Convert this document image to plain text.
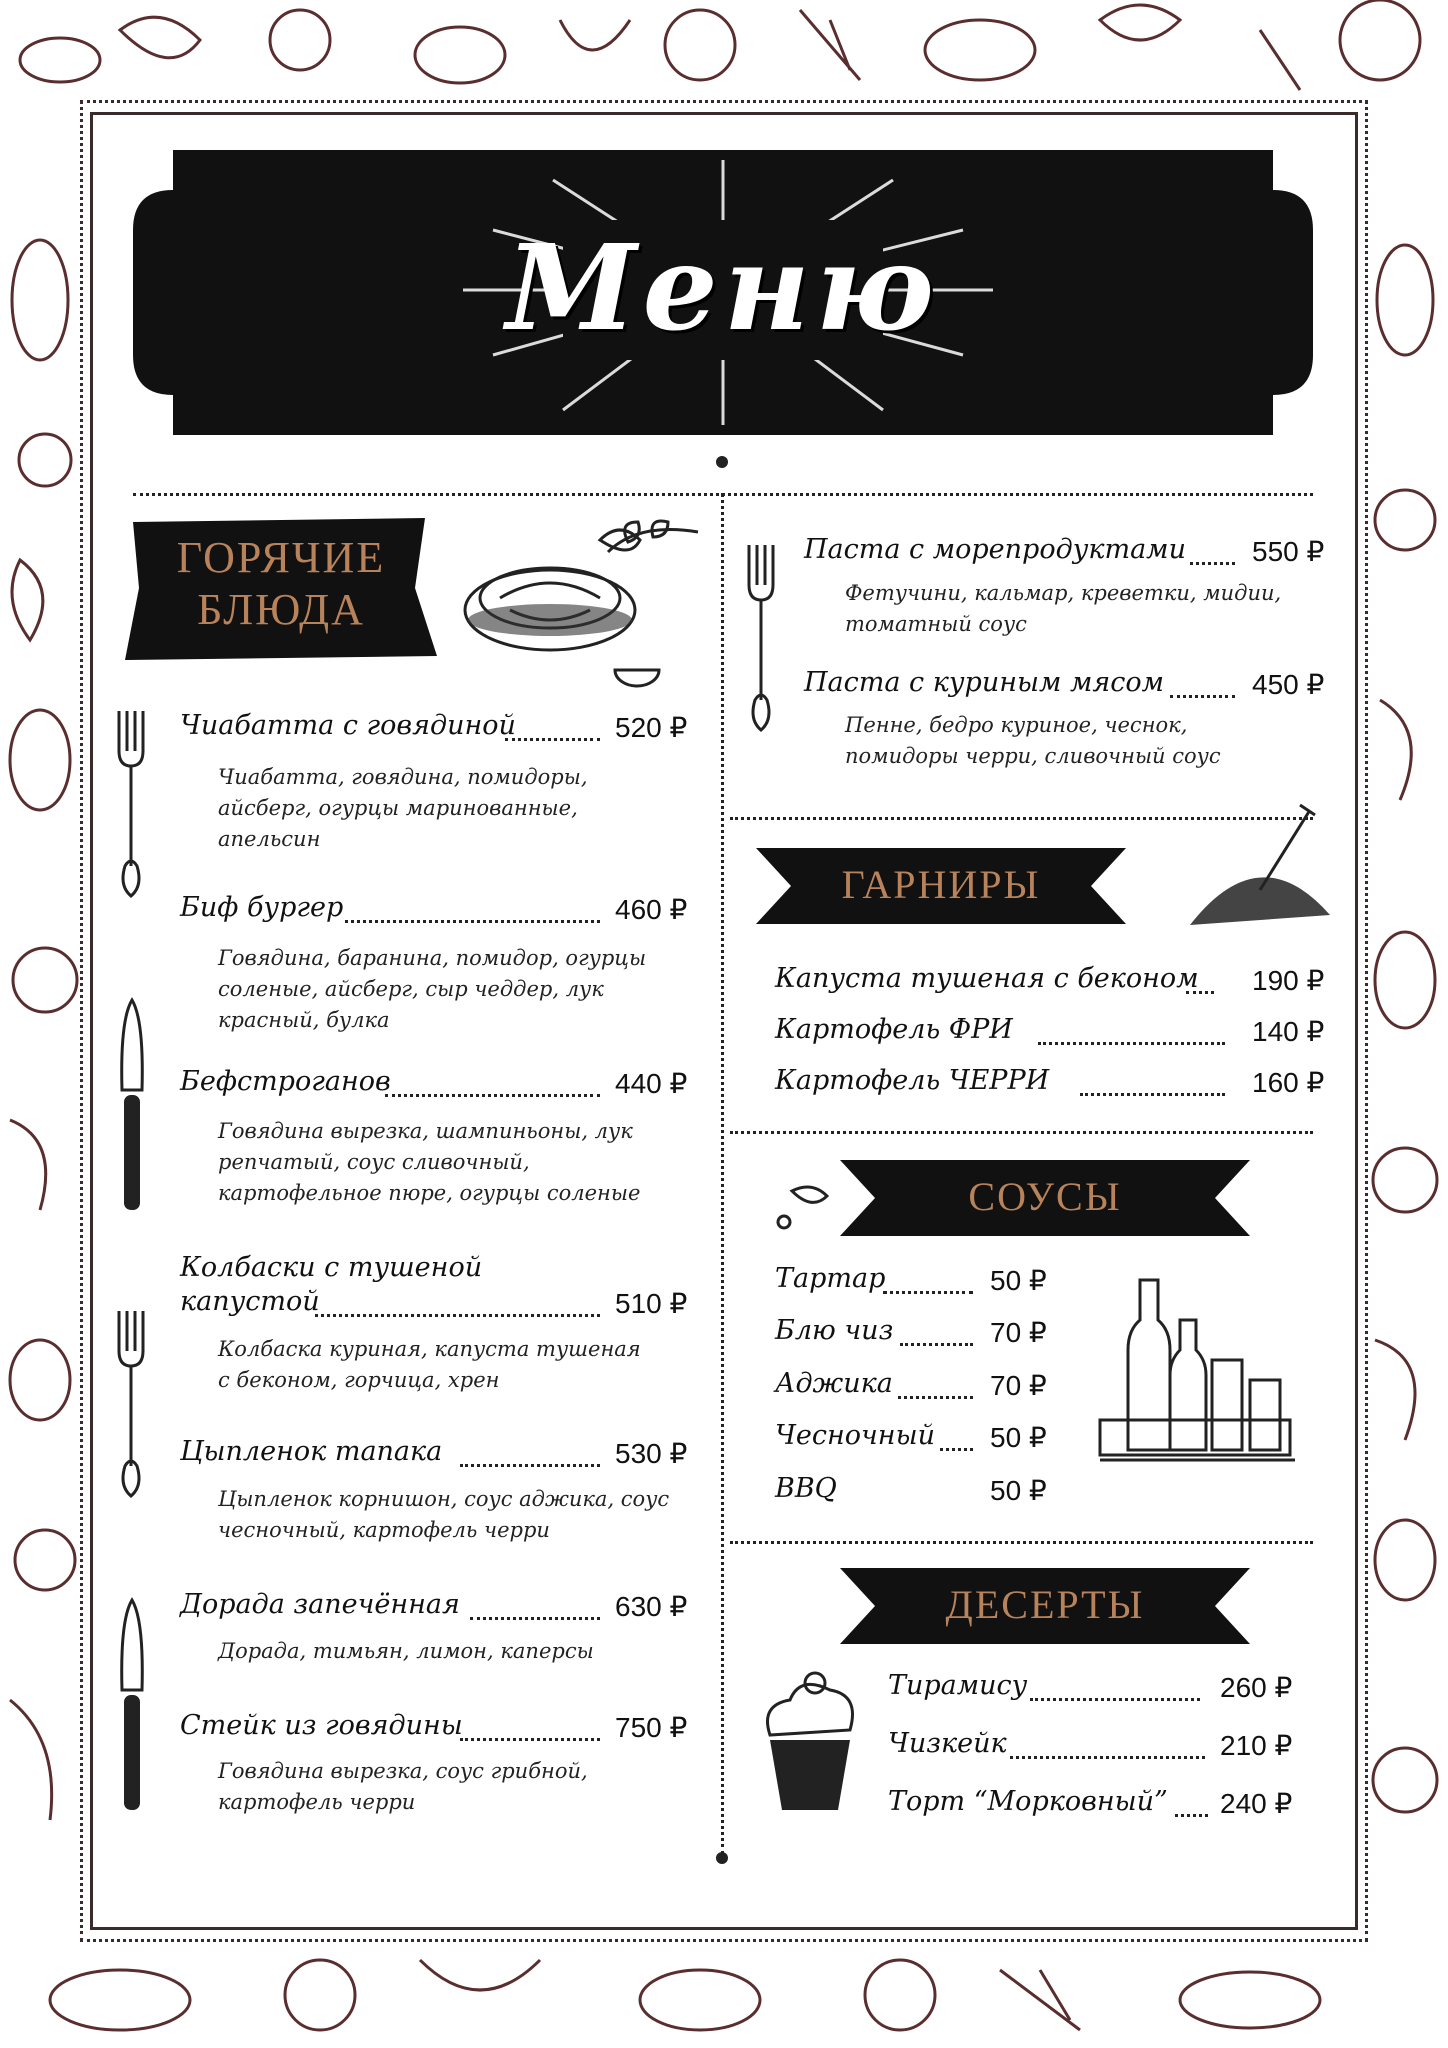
Меню
ГОРЯЧИЕ
БЛЮДА
Чиабатта с говядиной	520 ₽
Чиабатта, говядина, помидоры,
айсберг, огурцы маринованные,
апельсин
Биф бургер	460 ₽
Говядина, баранина, помидор, огурцы
соленые, айсберг, сыр чеддер, лук
красный, булка
Бефстроганов	440 ₽
Говядина вырезка, шампиньоны, лук
репчатый, соус сливочный,
картофельное пюре, огурцы соленые
Колбаски с тушеной
капустой	510 ₽
Колбаска куриная, капуста тушеная
с беконом, горчица, хрен
Цыпленок тапака	530 ₽
Цыпленок корнишон, соус аджика, соус
чесночный, картофель черри
Дорада запечённая	630 ₽
Дорада, тимьян, лимон, каперсы
Стейк из говядины	750 ₽
Говядина вырезка, соус грибной,
картофель черри
Паста с морепродуктами 550 ₽
Фетучини, кальмар, креветки, мидии,
томатный соус
Паста с куриным мясом	450 ₽
Пенне, бедро куриное, чеснок,
помидоры черри, сливочный соус
ГАРНИРЫ
Капуста тушеная с беконом 190 ₽
Картофель ФРИ	140 ₽
Картофель ЧЕРРИ	160 ₽
СОУСЫ
Тартар	50 ₽
Блю чиз	70 ₽
Аджика	70 ₽
Чесночный 50 ₽
BBQ	50 ₽
ДЕСЕРТЫ
Тирамису	260 ₽
Чизкейк	210 ₽
Торт “Морковный” 240 ₽
